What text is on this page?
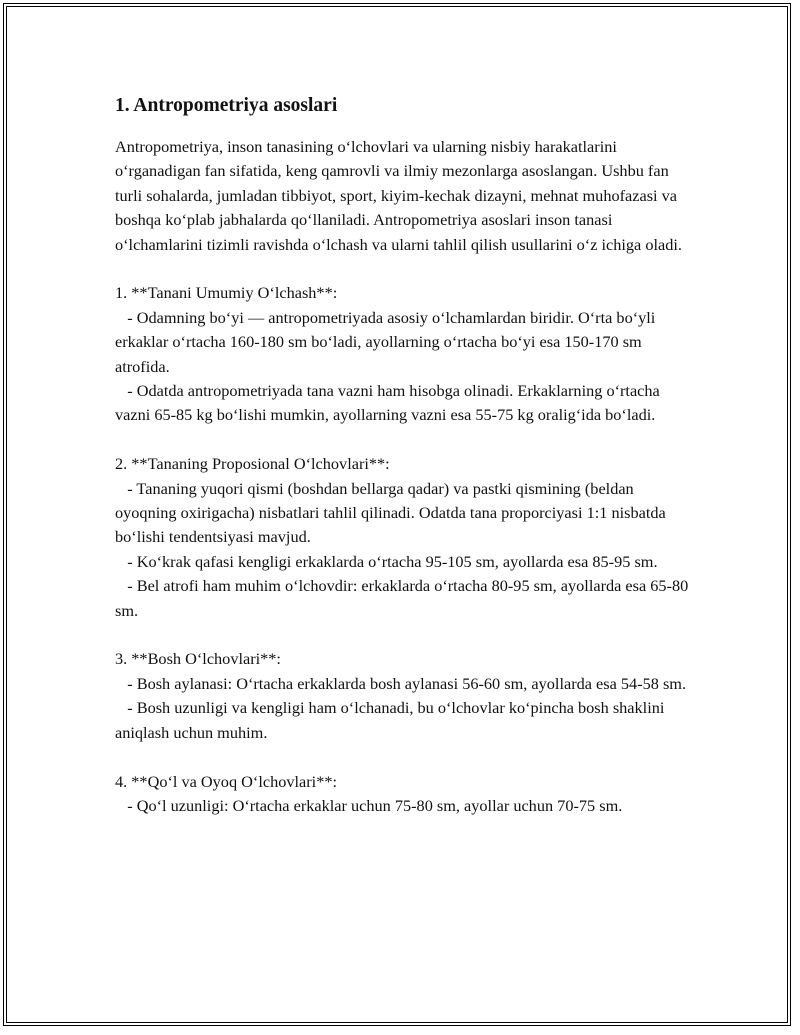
1. Antropometriya asoslari

Antropometriya, inson tanasining o‘lchovlari va ularning nisbiy harakatlarini o‘rganadigan fan sifatida, keng qamrovli va ilmiy mezonlarga asoslangan. Ushbu fan turli sohalarda, jumladan tibbiyot, sport, kiyim-kechak dizayni, mehnat muhofazasi va boshqa ko‘plab jabhalarda qo‘llaniladi. Antropometriya asoslari inson tanasi o‘lchamlarini tizimli ravishda o‘lchash va ularni tahlil qilish usullarini o‘z ichiga oladi.

1. **Tanani Umumiy O‘lchash**:

- Odamning bo‘yi — antropometriyada asosiy o‘lchamlardan biridir. O‘rta bo‘yli erkaklar o‘rtacha 160-180 sm bo‘ladi, ayollarning o‘rtacha bo‘yi esa 150-170 sm atrofida.

- Odatda antropometriyada tana vazni ham hisobga olinadi. Erkaklarning o‘rtacha vazni 65-85 kg bo‘lishi mumkin, ayollarning vazni esa 55-75 kg oralig‘ida bo‘ladi.

2. **Tananing Proposional O‘lchovlari**:

- Tananing yuqori qismi (boshdan bellarga qadar) va pastki qismining (beldan oyoqning oxirigacha) nisbatlari tahlil qilinadi. Odatda tana proporciyasi 1:1 nisbatda bo‘lishi tendentsiyasi mavjud.

- Ko‘krak qafasi kengligi erkaklarda o‘rtacha 95-105 sm, ayollarda esa 85-95 sm.

- Bel atrofi ham muhim o‘lchovdir: erkaklarda o‘rtacha 80-95 sm, ayollarda esa 65-80 sm.

3. **Bosh O‘lchovlari**:

- Bosh aylanasi: O‘rtacha erkaklarda bosh aylanasi 56-60 sm, ayollarda esa 54-58 sm.

- Bosh uzunligi va kengligi ham o‘lchanadi, bu o‘lchovlar ko‘pincha bosh shaklini aniqlash uchun muhim.

4. **Qo‘l va Oyoq O‘lchovlari**:

- Qo‘l uzunligi: O‘rtacha erkaklar uchun 75-80 sm, ayollar uchun 70-75 sm.
